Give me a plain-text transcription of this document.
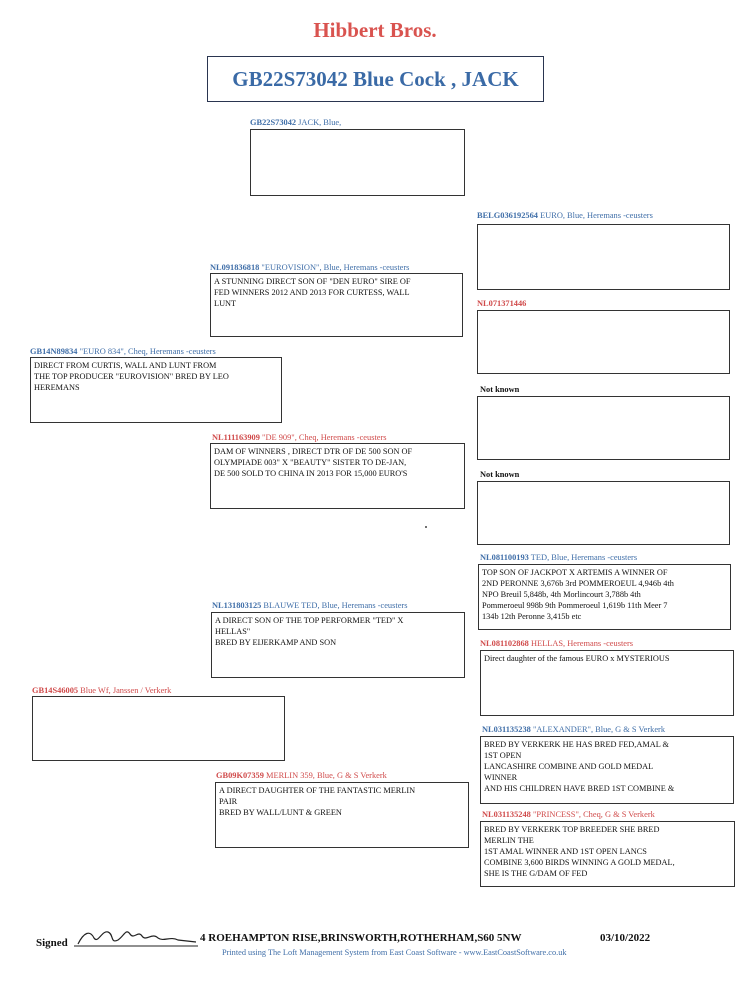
Hibbert Bros.
GB22S73042 Blue Cock , JACK
GB22S73042 JACK, Blue,
BELG036192564 EURO, Blue, Heremans -ceusters
NL091836818 "EUROVISION", Blue, Heremans -ceusters
A STUNNING DIRECT SON OF "DEN EURO" SIRE OF
FED WINNERS 2012 AND 2013 FOR CURTESS, WALL
LUNT	NL071371446
GB14N89834 "EURO 834", Cheq, Heremans -ceusters
DIRECT FROM CURTIS, WALL AND LUNT FROM
THE TOP PRODUCER "EUROVISION" BRED BY LEO
HEREMANS	Not known
NL111163909 "DE 909", Cheq, Heremans -ceusters
DAM OF WINNERS , DIRECT DTR OF DE 500 SON OF
OLYMPIADE 003" X "BEAUTY" SISTER TO DE-JAN,
DE 500 SOLD TO CHINA IN 2013 FOR 15,000 EURO'S	Not known
NL081100193 TED, Blue, Heremans -ceusters
TOP SON OF JACKPOT X ARTEMIS A WINNER OF
2ND PERONNE 3,676b 3rd POMMEROEUL 4,946b 4th
NPO Breuil 5,848b, 4th Morlincourt 3,788b 4th
Pommeroeul 998b 9th Pommeroeul 1,619b 11th Meer 7
134b 12th Peronne 3,415b etc
NL131803125 BLAUWE TED, Blue, Heremans -ceusters
A DIRECT SON OF THE TOP PERFORMER "TED" X
HELLAS"
BRED BY EIJERKAMP AND SON	NL081102868 HELLAS, Heremans -ceusters
Direct daughter of the famous EURO x MYSTERIOUS
GB14S46005 Blue Wf, Janssen / Verkerk
NL031135238 "ALEXANDER", Blue, G & S Verkerk
BRED BY VERKERK HE HAS BRED FED,AMAL &
1ST OPEN
LANCASHIRE COMBINE AND GOLD MEDAL
WINNER
AND HIS CHILDREN HAVE BRED 1ST COMBINE &
GB09K07359 MERLIN 359, Blue, G & S Verkerk
A DIRECT DAUGHTER OF THE FANTASTIC MERLIN
PAIR
BRED BY WALL/LUNT & GREEN	NL031135248 "PRINCESS", Cheq, G & S Verkerk
BRED BY VERKERK TOP BREEDER SHE BRED
MERLIN THE
1ST AMAL WINNER AND 1ST OPEN LANCS
COMBINE 3,600 BIRDS WINNING A GOLD MEDAL,
SHE IS THE G/DAM OF FED
Signed	4 ROEHAMPTON RISE,BRINSWORTH,ROTHERHAM,S60 5NW	03/10/2022
Printed using The Loft Management System from East Coast Software - www.EastCoastSoftware.co.uk
